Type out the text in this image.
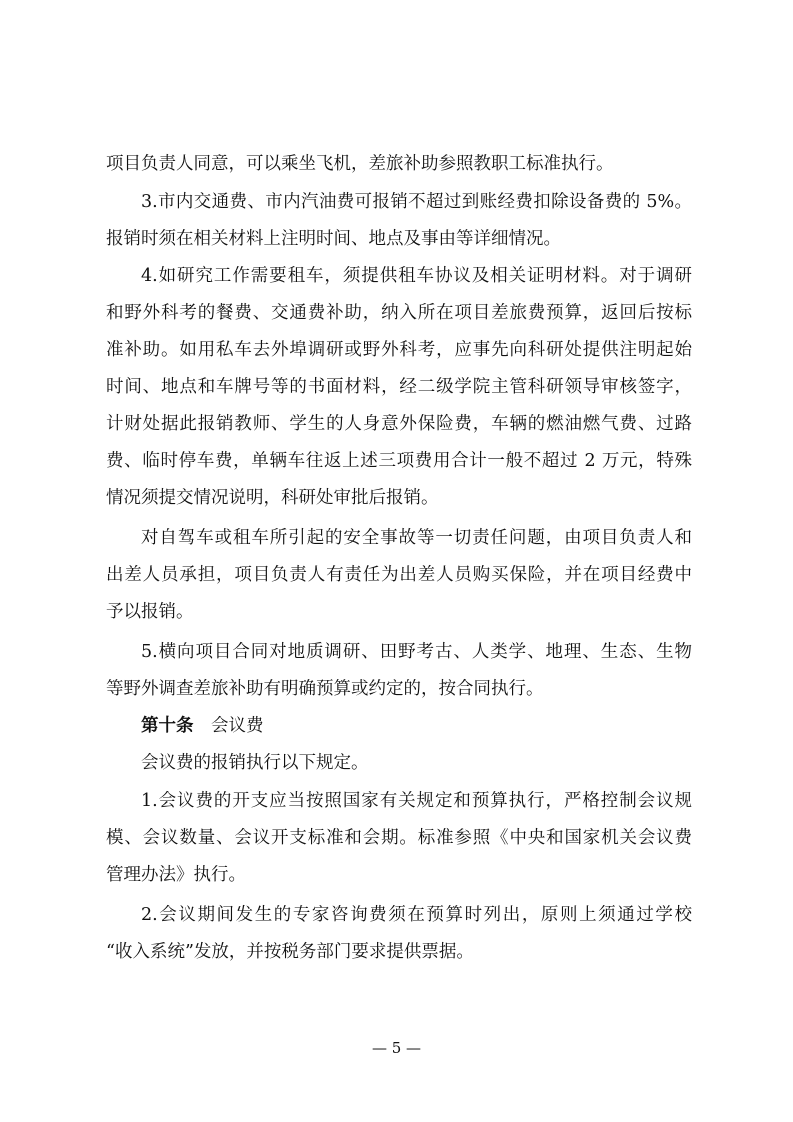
项目负责人同意，可以乘坐飞机，差旅补助参照教职工标准执行。
3.市内交通费、市内汽油费可报销不超过到账经费扣除设备费的 5%。
报销时须在相关材料上注明时间、地点及事由等详细情况。
4.如研究工作需要租车，须提供租车协议及相关证明材料。对于调研
和野外科考的餐费、交通费补助，纳入所在项目差旅费预算，返回后按标
准补助。如用私车去外埠调研或野外科考，应事先向科研处提供注明起始
时间、地点和车牌号等的书面材料，经二级学院主管科研领导审核签字，
计财处据此报销教师、学生的人身意外保险费，车辆的燃油燃气费、过路
费、临时停车费，单辆车往返上述三项费用合计一般不超过 2 万元，特殊
情况须提交情况说明，科研处审批后报销。
对自驾车或租车所引起的安全事故等一切责任问题，由项目负责人和
出差人员承担，项目负责人有责任为出差人员购买保险，并在项目经费中
予以报销。
5.横向项目合同对地质调研、田野考古、人类学、地理、生态、生物
等野外调查差旅补助有明确预算或约定的，按合同执行。
第十条　 会议费
会议费的报销执行以下规定。
1.会议费的开支应当按照国家有关规定和预算执行，严格控制会议规
模、会议数量、会议开支标准和会期。标准参照《中央和国家机关会议费
管理办法》执行。
2.会议期间发生的专家咨询费须在预算时列出，原则上须通过学校
“收入系统”发放，并按税务部门要求提供票据。
— 5 —
